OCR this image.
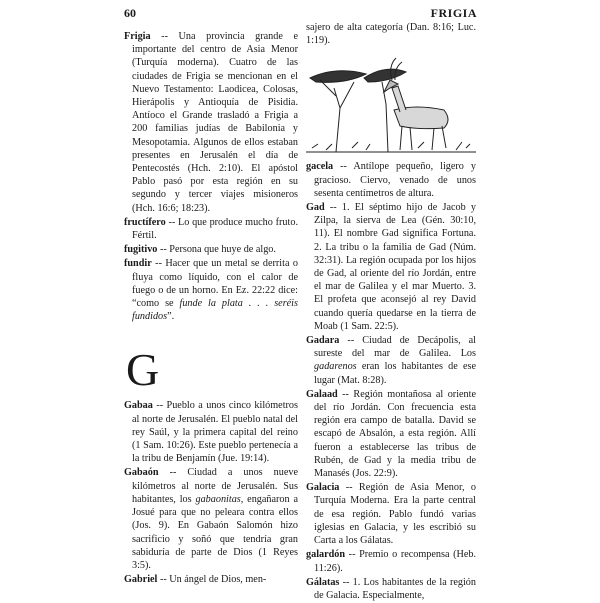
60	FRIGIA
Frigia -- Una provincia grande e importante del centro de Asia Menor (Turquía moderna). Cuatro de las ciudades de Frigia se mencionan en el Nuevo Testamento: Laodicea, Colosas, Hierápolis y Antioquía de Pisidia. Antíoco el Grande trasladó a Frigia a 200 familias judías de Babilonia y Mesopotamia. Algunos de ellos estaban presentes en Jerusalén el día de Pentecostés (Hch. 2:10). El apóstol Pablo pasó por esta región en su segundo y tercer viajes misioneros (Hch. 16:6; 18:23).
fructífero -- Lo que produce mucho fruto. Fértil.
fugitivo -- Persona que huye de algo.
fundir -- Hacer que un metal se derrita o fluya como líquido, con el calor de fuego o de un horno. En Ez. 22:22 dice: “como se funde la plata . . . seréis fundidos”.
G
Gabaa -- Pueblo a unos cinco kilómetros al norte de Jerusalén. El pueblo natal del rey Saúl, y la primera capital del reino (1 Sam. 10:26). Este pueblo pertenecía a la tribu de Benjamín (Jue. 19:14).
Gabaón -- Ciudad a unos nueve kilómetros al norte de Jerusalén. Sus habitantes, los gabaonitas, engañaron a Josué para que no peleara contra ellos (Jos. 9). En Gabaón Salomón hizo sacrificio y soñó que tendría gran sabiduría de parte de Dios (1 Reyes 3:5).
Gabriel -- Un ángel de Dios, men-
sajero de alta categoría (Dan. 8:16; Luc. 1:19).
gacela -- Antílope pequeño, ligero y gracioso. Ciervo, venado de unos sesenta centímetros de altura.
Gad -- 1. El séptimo hijo de Jacob y Zilpa, la sierva de Lea (Gén. 30:10, 11). El nombre Gad significa Fortuna. 2. La tribu o la familia de Gad (Núm. 32:31). La región ocupada por los hijos de Gad, al oriente del río Jordán, entre el mar de Galilea y el mar Muerto. 3. El profeta que aconsejó al rey David cuando quería quedarse en la tierra de Moab (1 Sam. 22:5).
Gadara -- Ciudad de Decápolis, al sureste del mar de Galilea. Los gadarenos eran los habitantes de ese lugar (Mat. 8:28).
Galaad -- Región montañosa al oriente del río Jordán. Con frecuencia esta región era campo de batalla. David se escapó de Absalón, a esta región. Allí fueron a establecerse las tribus de Rubén, de Gad y la media tribu de Manasés (Jos. 22:9).
Galacia -- Región de Asia Menor, o Turquía Moderna. Era la parte central de esa región. Pablo fundó varias iglesias en Galacia, y les escribió su Carta a los Gálatas.
galardón -- Premio o recompensa (Heb. 11:26).
Gálatas -- 1. Los habitantes de la región de Galacia. Especialmente,
